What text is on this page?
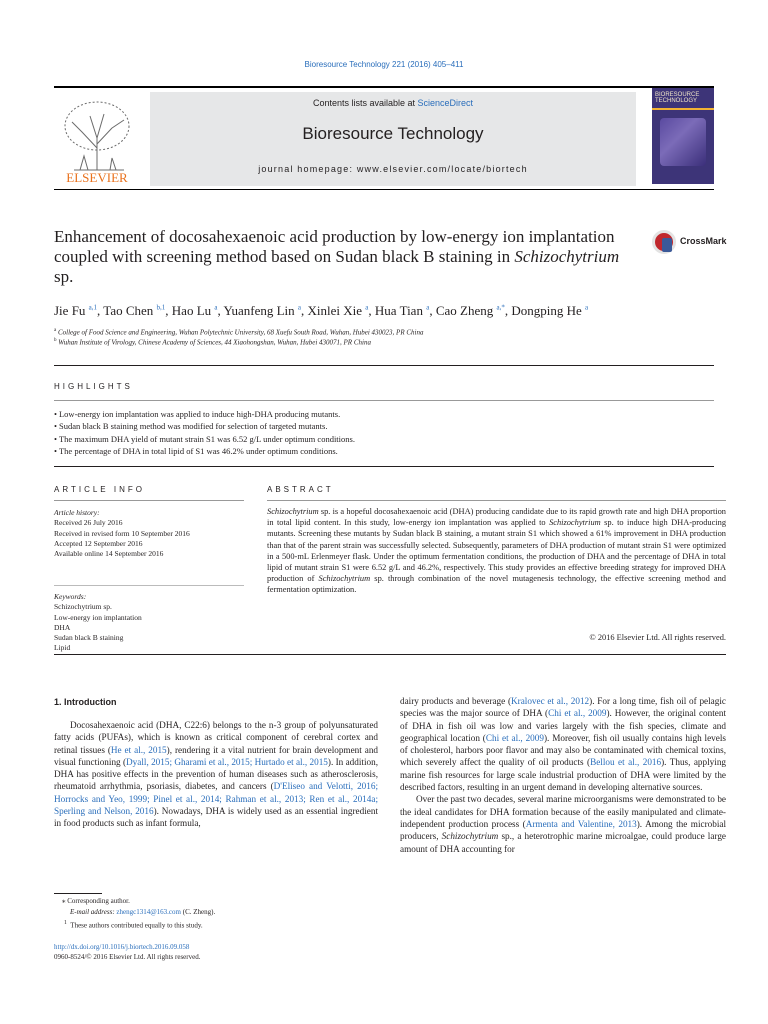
Bioresource Technology 221 (2016) 405–411
ELSEVIER
Contents lists available at ScienceDirect
Bioresource Technology
journal homepage: www.elsevier.com/locate/biortech
BIORESOURCE TECHNOLOGY
Enhancement of docosahexaenoic acid production by low-energy ion implantation coupled with screening method based on Sudan black B staining in Schizochytrium sp.
CrossMark
Jie Fu $^{a,1}$, Tao Chen $^{b,1}$, Hao Lu $^a$, Yuanfeng Lin $^a$, Xinlei Xie $^a$, Hua Tian $^a$, Cao Zheng $^{a,*}$, Dongping He $^a$
$^a$ College of Food Science and Engineering, Wuhan Polytechnic University, 68 Xuefu South Road, Wuhan, Hubei 430023, PR China
$^b$ Wuhan Institute of Virology, Chinese Academy of Sciences, 44 Xiaohongshan, Wuhan, Hubei 430071, PR China
HIGHLIGHTS
• Low-energy ion implantation was applied to induce high-DHA producing mutants.
• Sudan black B staining method was modified for selection of targeted mutants.
• The maximum DHA yield of mutant strain S1 was 6.52 g/L under optimum conditions.
• The percentage of DHA in total lipid of S1 was 46.2% under optimum conditions.
ARTICLE INFO
Article history:
Received 26 July 2016
Received in revised form 10 September 2016
Accepted 12 September 2016
Available online 14 September 2016
Keywords:
Schizochytrium sp.
Low-energy ion implantation
DHA
Sudan black B staining
Lipid
ABSTRACT
Schizochytrium sp. is a hopeful docosahexaenoic acid (DHA) producing candidate due to its rapid growth rate and high DHA proportion in total lipid content. In this study, low-energy ion implantation was applied to Schizochytrium sp. to induce high DHA-producing mutants. Screening these mutants by Sudan black B staining, a mutant strain S1 which showed a 61% improvement in DHA production than that of the parent strain was successfully selected. Subsequently, parameters of DHA production of mutant strain S1 were optimized in a 500-mL Erlenmeyer flask. Under the optimum fermentation conditions, the production of DHA and the percentage of DHA in total lipid of mutant strain S1 were 6.52 g/L and 46.2%, respectively. This study provides an effective breeding strategy for improved DHA production of Schizochytrium sp. through combination of the novel mutagenesis technology, the effective screening method and fermentation optimization.
© 2016 Elsevier Ltd. All rights reserved.
1. Introduction

Docosahexaenoic acid (DHA, C22:6) belongs to the n-3 group of polyunsaturated fatty acids (PUFAs), which is known as critical component of cerebral cortex and retinal tissues (He et al., 2015), rendering it a vital nutrient for brain development and visual functioning (Dyall, 2015; Gharami et al., 2015; Hurtado et al., 2015). In addition, DHA has positive effects in the prevention of human diseases such as atherosclerosis, rheumatoid arrhythmia, psoriasis, diabetes, and cancers (D'Eliseo and Velotti, 2016; Horrocks and Yeo, 1999; Pinel et al., 2014; Rahman et al., 2013; Ren et al., 2014a; Sperling and Nelson, 2016). Nowadays, DHA is widely used as an essential ingredient in food products such as infant formula,

dairy products and beverage (Kralovec et al., 2012). For a long time, fish oil of pelagic species was the major source of DHA (Chi et al., 2009). However, the original content of DHA in fish oil was low and varies largely with the fish species, climate and geographical location (Chi et al., 2009). Moreover, fish oil usually contains high levels of cholesterol, harbors poor flavor and may also be contaminated with chemical toxins, which severely affect the quality of oil products (Bellou et al., 2016). Thus, applying marine fish resources for large scale industrial production of DHA were limited by the described factors, resulting in an urgent demand in developing alternative sources.

Over the past two decades, several marine microorganisms were demonstrated to be the ideal candidates for DHA formation because of the easily manipulated and climate-independent production process (Armenta and Valentine, 2013). Among the microbial producers, Schizochytrium sp., a heterotrophic marine microalgae, could produce large amount of DHA accounting for

⁎ Corresponding author.
E-mail address: zhengc1314@163.com (C. Zheng).
$^1$ These authors contributed equally to this study.
http://dx.doi.org/10.1016/j.biortech.2016.09.058
0960-8524/© 2016 Elsevier Ltd. All rights reserved.
